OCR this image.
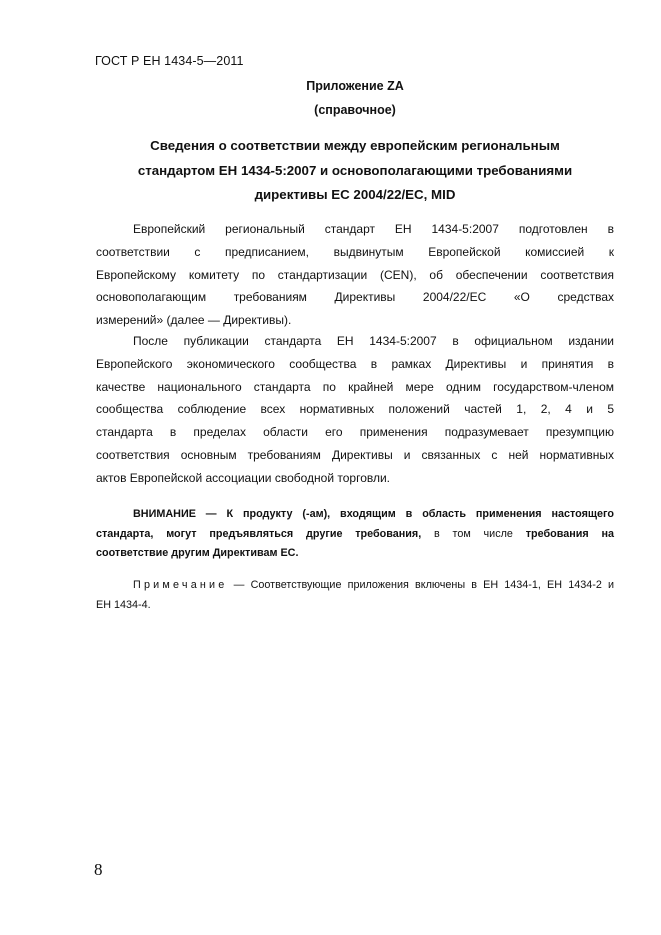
ГОСТ Р ЕН 1434-5—2011
Приложение ZA
(справочное)
Сведения о соответствии между европейским региональным
стандартом ЕН 1434-5:2007 и основополагающими требованиями
директивы ЕС 2004/22/ЕС, MID
Европейский региональный стандарт ЕН 1434-5:2007 подготовлен в
соответствии с предписанием, выдвинутым Европейской комиссией к
Европейскому комитету по стандартизации (CEN), об обеспечении соответствия
основополагающим требованиям Директивы 2004/22/ЕС «О средствах
измерений» (далее — Директивы).
После публикации стандарта ЕН 1434-5:2007 в официальном издании
Европейского экономического сообщества в рамках Директивы и принятия в
качестве национального стандарта по крайней мере одним государством-членом
сообщества соблюдение всех нормативных положений частей 1, 2, 4 и 5
стандарта в пределах области его применения подразумевает презумпцию
соответствия основным требованиям Директивы и связанных с ней нормативных
актов Европейской ассоциации свободной торговли.
ВНИМАНИЕ — К продукту (-ам), входящим в область применения настоящего
стандарта, могут предъявляться другие требования, в том числе требования на
соответствие другим Директивам ЕС.
Примечание — Соответствующие приложения включены в ЕН 1434-1, ЕН 1434-2 и
ЕН 1434-4.
8
